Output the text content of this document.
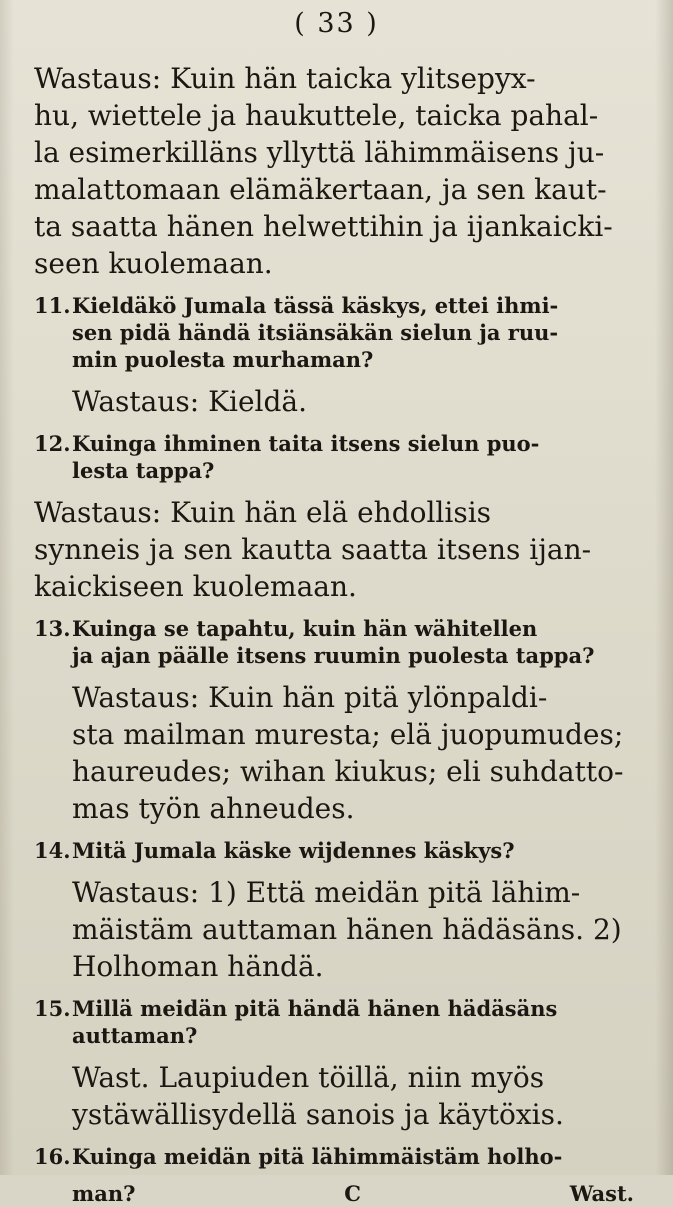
( 33 )
Wastaus: Kuin hän taicka ylitsepyx-
hu, wiettele ja haukuttele, taicka pahal-
la esimerkilläns yllyttä lähimmäisens ju-
malattomaan elämäkertaan, ja sen kaut-
ta saatta hänen helwettihin ja ijankaicki-
seen kuolemaan.
11.Kieldäkö Jumala tässä käskys, ettei ihmi-
sen pidä händä itsiänsäkän sielun ja ruu-
min puolesta murhaman?
Wastaus: Kieldä.
12.Kuinga ihminen taita itsens sielun puo-
lesta tappa?
Wastaus: Kuin hän elä ehdollisis
synneis ja sen kautta saatta itsens ijan-
kaickiseen kuolemaan.
13.Kuinga se tapahtu, kuin hän wähitellen
ja ajan päälle itsens ruumin puolesta tappa?
Wastaus: Kuin hän pitä ylönpaldi-
sta mailman muresta; elä juopumudes;
haureudes; wihan kiukus; eli suhdatto-
mas työn ahneudes.
14.Mitä Jumala käske wijdennes käskys?
Wastaus: 1) Että meidän pitä lähim-
mäistäm auttaman hänen hädäsäns. 2)
Holhoman händä.
15.Millä meidän pitä händä hänen hädäsäns
auttaman?
Wast. Laupiuden töillä, niin myös
ystäwällisydellä sanois ja käytöxis.
16.Kuinga meidän pitä lähimmäistäm holho-
man?	C	Wast.
